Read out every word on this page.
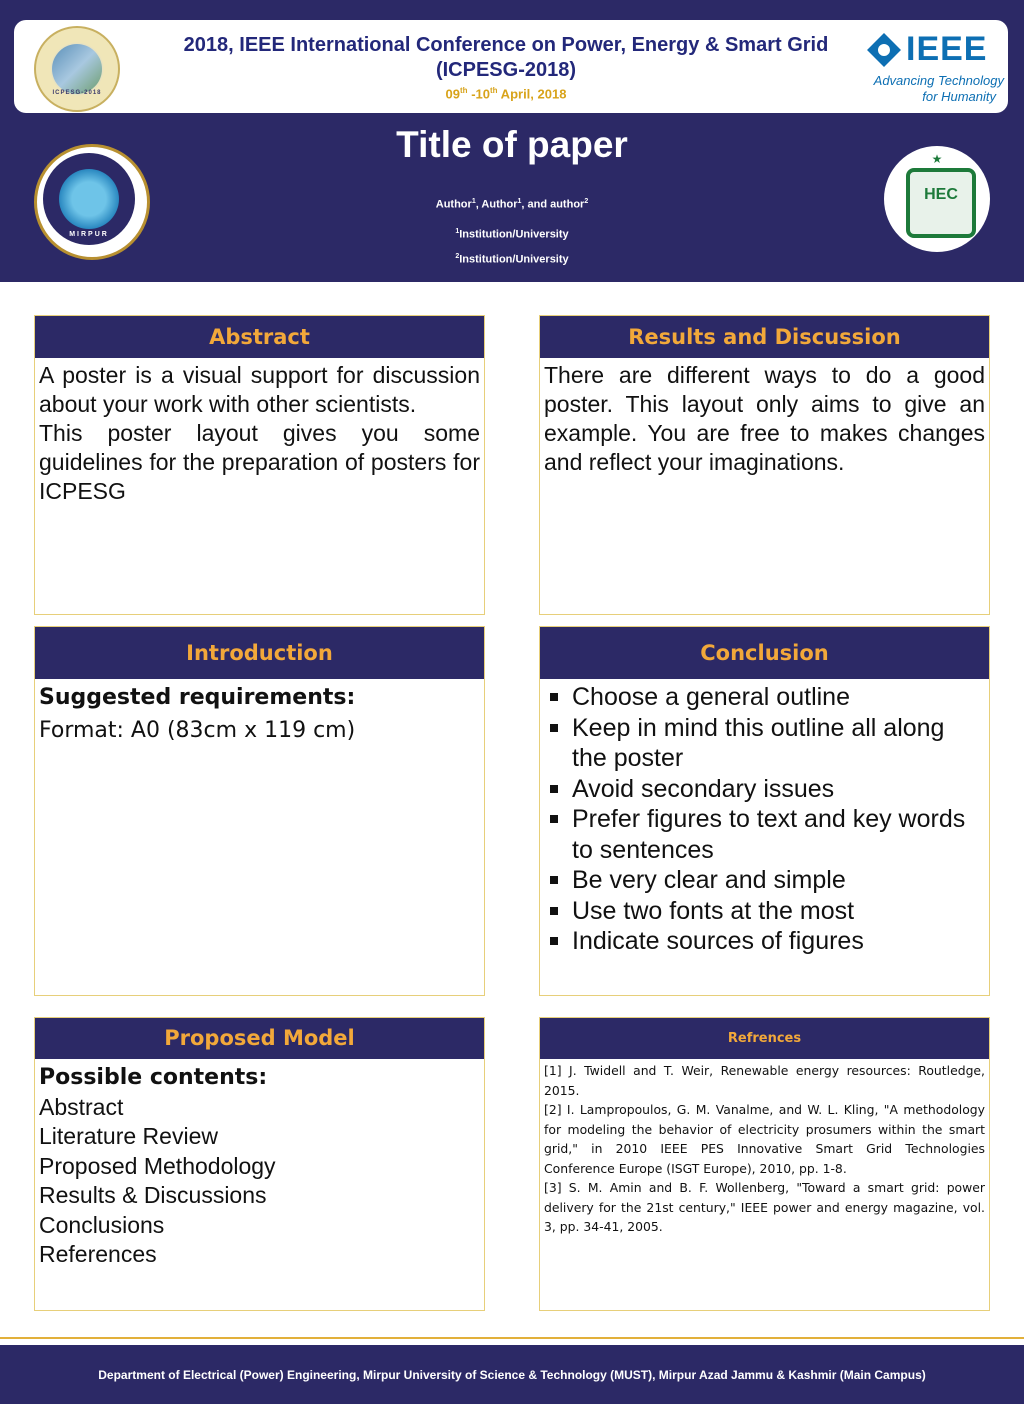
ICPESG-2018
2018, IEEE International Conference on Power, Energy & Smart Grid
(ICPESG-2018)
09th -10th April, 2018
IEEE
Advancing Technology
for Humanity
MIRPUR
Title of paper
Author$^1$, Author$^1$, and author$^2$
$^1$Institution/University
$^2$Institution/University
★
HEC
Abstract
A poster is a visual support for discussion about your work with other scientists.
This poster layout gives you some guidelines for the preparation of posters for ICPESG
Results and Discussion
There are different ways to do a good poster. This layout only aims to give an example. You are free to makes changes and reflect your imaginations.
Introduction
Suggested requirements:
Format: A0 (83cm x 119 cm)
Conclusion
Choose a general outline
Keep in mind this outline all along the poster
Avoid secondary issues
Prefer figures to text and key words to sentences
Be very clear and simple
Use two fonts at the most
Indicate sources of figures
Proposed Model
Possible contents:
Abstract
Literature Review
Proposed Methodology
Results & Discussions
Conclusions
References
Refrences

[1] J. Twidell and T. Weir, Renewable energy resources: Routledge, 2015.

[2] I. Lampropoulos, G. M. Vanalme, and W. L. Kling, "A methodology for modeling the behavior of electricity prosumers within the smart grid," in 2010 IEEE PES Innovative Smart Grid Technologies Conference Europe (ISGT Europe), 2010, pp. 1-8.

[3] S. M. Amin and B. F. Wollenberg, "Toward a smart grid: power delivery for the 21st century," IEEE power and energy magazine, vol. 3, pp. 34-41, 2005.

Department of Electrical (Power) Engineering, Mirpur University of Science & Technology (MUST), Mirpur Azad Jammu & Kashmir (Main Campus)
